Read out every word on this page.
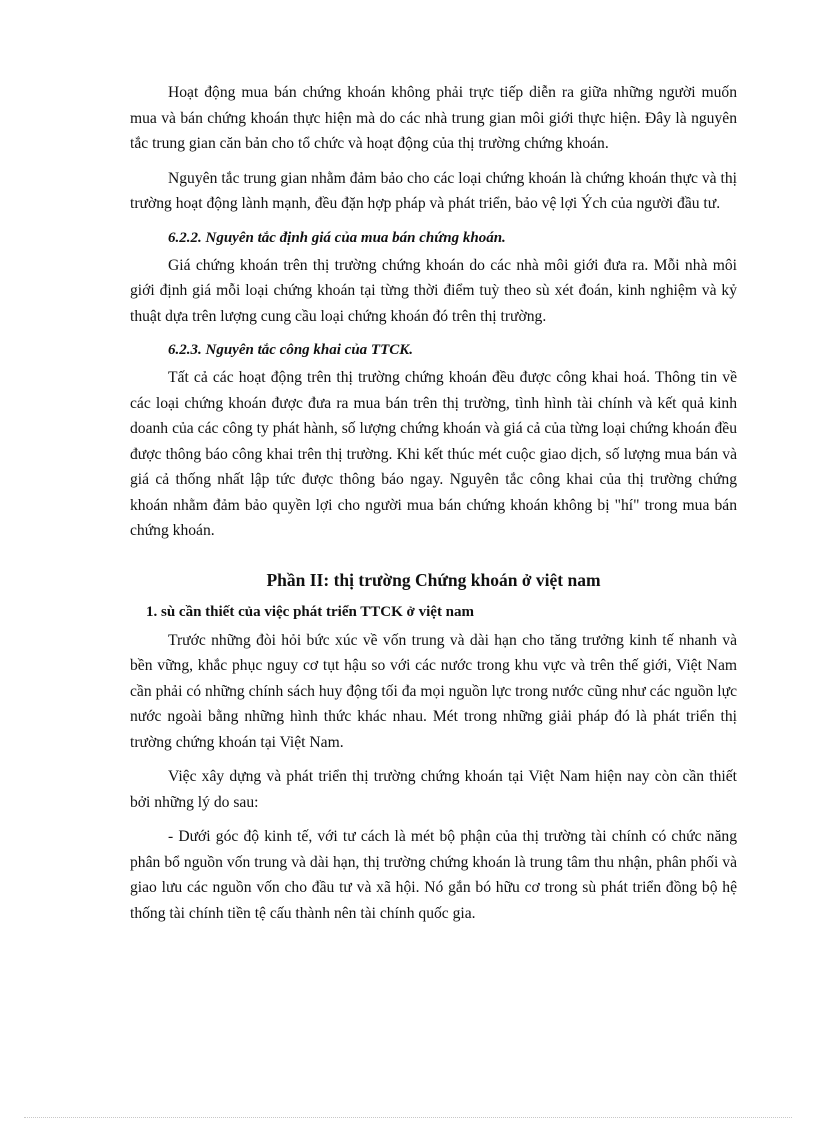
Hoạt động mua bán chứng khoán không phải trực tiếp diễn ra giữa những người muốn mua và bán chứng khoán thực hiện mà do các nhà trung gian môi giới thực hiện. Đây là nguyên tắc trung gian căn bản cho tổ chức và hoạt động của thị trường chứng khoán.

Nguyên tắc trung gian nhằm đảm bảo cho các loại chứng khoán là chứng khoán thực và thị trường hoạt động lành mạnh, đều đặn hợp pháp và phát triển, bảo vệ lợi Ých của người đầu tư.

6.2.2. Nguyên tắc định giá của mua bán chứng khoán.

Giá chứng khoán trên thị trường chứng khoán do các nhà môi giới đưa ra. Mỗi nhà môi giới định giá mỗi loại chứng khoán tại từng thời điểm tuỳ theo sù xét đoán, kinh nghiệm và kỷ thuật dựa trên lượng cung cầu loại chứng khoán đó trên thị trường.

6.2.3. Nguyên tắc công khai của TTCK.

Tất cả các hoạt động trên thị trường chứng khoán đều được công khai hoá. Thông tin về các loại chứng khoán được đưa ra mua bán trên thị trường, tình hình tài chính và kết quả kinh doanh của các công ty phát hành, số lượng chứng khoán và giá cả của từng loại chứng khoán đều được thông báo công khai trên thị trường. Khi kết thúc mét cuộc giao dịch, số lượng mua bán và giá cả thống nhất lập tức được thông báo ngay. Nguyên tắc công khai của thị trường chứng khoán nhằm đảm bảo quyền lợi cho người mua bán chứng khoán không bị "hí" trong mua bán chứng khoán.

Phần II: thị trường Chứng khoán ở việt nam

1. sù cần thiết của việc phát triển TTCK ở việt nam

Trước những đòi hỏi bức xúc về vốn trung và dài hạn cho tăng trưởng kinh tế nhanh và bền vững, khắc phục nguy cơ tụt hậu so với các nước trong khu vực và trên thế giới, Việt Nam cần phải có những chính sách huy động tối đa mọi nguồn lực trong nước cũng như các nguồn lực nước ngoài bằng những hình thức khác nhau. Mét trong những giải pháp đó là phát triển thị trường chứng khoán tại Việt Nam.

Việc xây dựng và phát triển thị trường chứng khoán tại Việt Nam hiện nay còn cần thiết bởi những lý do sau:

- Dưới góc độ kinh tế, với tư cách là mét bộ phận của thị trường tài chính có chức năng phân bổ nguồn vốn trung và dài hạn, thị trường chứng khoán là trung tâm thu nhận, phân phối và giao lưu các nguồn vốn cho đầu tư và xã hội. Nó gắn bó hữu cơ trong sù phát triển đồng bộ hệ thống tài chính tiền tệ cấu thành nên tài chính quốc gia.
